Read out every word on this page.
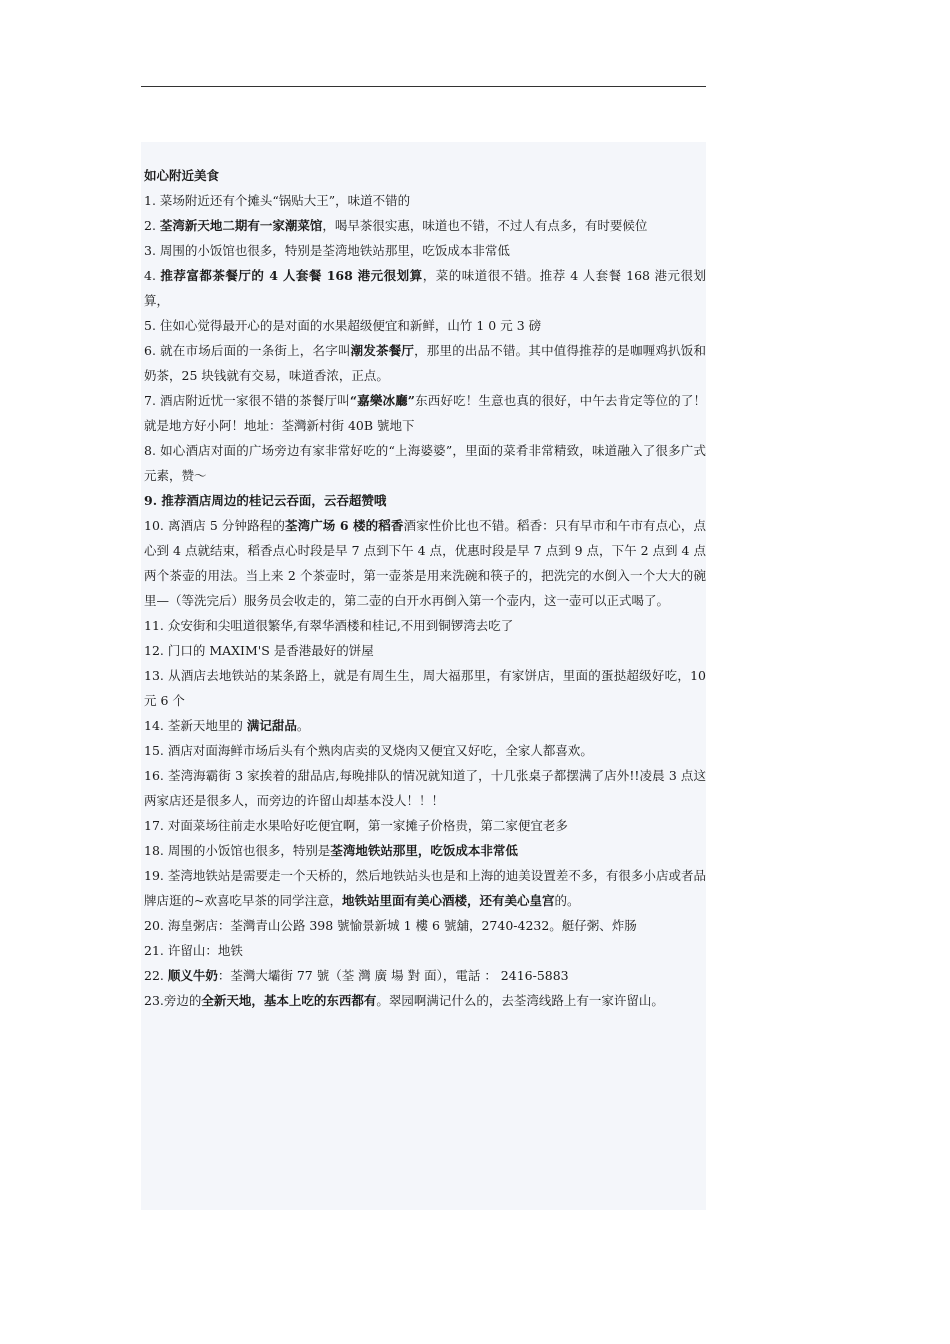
如心附近美食

1. 菜场附近还有个摊头“锅贴大王”，味道不错的

2. 荃湾新天地二期有一家潮菜馆，喝早茶很实惠，味道也不错，不过人有点多，有时要候位

3. 周围的小饭馆也很多，特别是荃湾地铁站那里，吃饭成本非常低

4. 推荐富都茶餐厅的 4 人套餐 168 港元很划算，菜的味道很不错。推荐 4 人套餐 168 港元很划算，

5. 住如心觉得最开心的是对面的水果超级便宜和新鲜，山竹 1 0 元 3 磅

6. 就在市场后面的一条街上，名字叫潮发茶餐厅，那里的出品不错。其中值得推荐的是咖喱鸡扒饭和奶茶，25 块钱就有交易，味道香浓，正点。

7. 酒店附近忧一家很不错的茶餐厅叫“嘉樂冰廳”东西好吃！生意也真的很好，中午去肯定等位的了！就是地方好小阿！地址：荃灣新村街 40B 號地下

8. 如心酒店对面的广场旁边有家非常好吃的“上海婆婆”，里面的菜肴非常精致，味道融入了很多广式元素，赞～

9. 推荐酒店周边的桂记云吞面，云吞超赞哦

10. 离酒店 5 分钟路程的荃湾广场 6 楼的稻香酒家性价比也不错。稻香：只有早市和午市有点心，点心到 4 点就结束，稻香点心时段是早 7 点到下午 4 点，优惠时段是早 7 点到 9 点，下午 2 点到 4 点两个茶壶的用法。当上来 2 个茶壶时，第一壶茶是用来洗碗和筷子的，把洗完的水倒入一个大大的碗里—（等洗完后）服务员会收走的，第二壶的白开水再倒入第一个壶内，这一壶可以正式喝了。

11. 众安街和尖咀道很繁华,有翠华酒楼和桂记,不用到铜锣湾去吃了

12. 门口的 MAXIM'S 是香港最好的饼屋

13. 从酒店去地铁站的某条路上，就是有周生生，周大福那里，有家饼店，里面的蛋挞超级好吃，10 元 6 个

14. 荃新天地里的 满记甜品。

15. 酒店对面海鲜市场后头有个熟肉店卖的叉烧肉又便宜又好吃，全家人都喜欢。

16. 荃湾海霸街 3 家挨着的甜品店,每晚排队的情况就知道了，十几张桌子都摆满了店外!!凌晨 3 点这两家店还是很多人，而旁边的许留山却基本没人！！！

17. 对面菜场往前走水果哈好吃便宜啊，第一家摊子价格贵，第二家便宜老多

18. 周围的小饭馆也很多，特别是荃湾地铁站那里，吃饭成本非常低

19. 荃湾地铁站是需要走一个天桥的，然后地铁站头也是和上海的迪美设置差不多，有很多小店或者品牌店逛的~欢喜吃早茶的同学注意，地铁站里面有美心酒楼，还有美心皇宫的。

20. 海皇粥店：荃灣青山公路 398 號愉景新城 1 樓 6 號舖，2740-4232。艇仔粥、炸肠

21. 许留山：地铁

22. 顺义牛奶：荃灣大壩街 77 號（荃 灣 廣 場 對 面），電話 ： 2416-5883

23.旁边的全新天地，基本上吃的东西都有。翠园啊满记什么的，去荃湾线路上有一家许留山。
